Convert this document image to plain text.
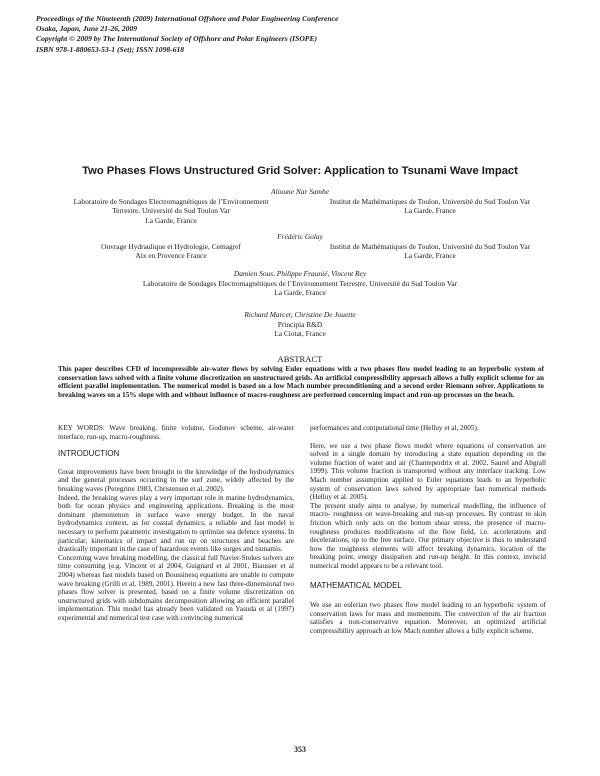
Proceedings of the Nineteenth (2009) International Offshore and Polar Engineering Conference
Osaka, Japan, June 21-26, 2009
Copyright © 2009 by The International Society of Offshore and Polar Engineers (ISOPE)
ISBN 978-1-880653-53-1 (Set); ISSN 1098-618
Two Phases Flows Unstructured Grid Solver: Application to Tsunami Wave Impact
Alioune Nar Sambe
Laboratoire de Sondages Electromagnétiques de l’Environnement
Terrestre, Université du Sud Toulon Var
La Garde, France
Institut de Mathématiques de Toulon, Université du Sud Toulon Var
La Garde, France
Frédéric Golay
Ouvrage Hydraulique et Hydrologie, Cemagref
Aix en Provence France
Institut de Mathématiques de Toulon, Université du Sud Toulon Var
La Garde, France
Damien Sous, Philippe Fraunié, Vincent Rey
Laboratoire de Sondages Electromagnétiques de l’Environnement Terrestre, Université du Sud Toulon Var
La Garde, France
Richard Marcer, Christine De Jouette
Principia R&D
La Ciotat, France
ABSTRACT
This paper describes CFD of incompressible air-water flows by solving Euler equations with a two phases flow model leading to an hyperbolic system of conservation laws solved with a finite volume discretization on unstructured grids. An artificial compressibility approach allows a fully explicit scheme for an efficient parallel implementation. The numerical model is based on a low Mach number preconditioning and a second order Riemann solver. Applications to breaking waves on a 15% slope with and without influence of macro-roughness are performed concerning impact and run-up processes on the beach.

KEY WORDS: Wave breaking, finite volume, Godunov scheme, air-water interface, run-up, macro-roughness.

INTRODUCTION

Great improvements have been brought to the knowledge of the hydrodynamics and the general processes occurring in the surf zone, widely affected by the breaking waves (Peregrine 1983, Christensen et al. 2002).

Indeed, the breaking waves play a very important role in marine hydrodynamics, both for ocean physics and engineering applications. Breaking is the most dominant phenomenon in surface wave energy budget. In the naval hydrodynamics context, as for coastal dynamics, a reliable and fast model is necessary to perform parametric investigation to optimize sea defence systems. In particular, kinematics of impact and run up on structures and beaches are drastically important in the case of hazardous events like surges and tsunamis.

Concerning wave breaking modelling, the classical full Navier-Stokes solvers are time consuming (e.g. Vincent et al 2004, Guignard et al 2001, Biausser et al 2004) whereas fast models based on Boussinesq equations are unable to compute wave breaking (Grilli et al, 1989, 2001). Herein a new fast three-dimensional two phases flow solver is presented, based on a finite volume discretization on unstructured grids with subdomains decomposition allowing an efficient parallel implementation. This model has already been validated on Yasuda et al (1997) experimental and numerical test case with convincing numerical

performances and computational time (Helluy et al, 2005).

Here, we use a two phase flows model where equations of conservation are solved in a single domain by introducing a state equation depending on the volume fraction of water and air (Chanteperdrix et al. 2002, Saurel and Abgrall 1999). This volume fraction is transported without any interface tracking. Low Mach number assumption applied to Euler equations leads to an hyperbolic system of conservation laws solved by appropriate fast numerical methods (Helluy et al. 2005).

The present study aims to analyse, by numerical modelling, the influence of macro- roughness on wave-breaking and run-up processes. By contrast to skin friction which only acts on the bottom shear stress, the presence of macro- roughness produces modifications of the flow field, i.e. accelerations and decelerations, up to the free surface. Our primary objective is thus to understand how the roughness elements will affect breaking dynamics, location of the breaking point, energy dissipation and run-up height. In this context, inviscid numerical model appears to be a relevant tool.

MATHEMATICAL MODEL

We use an eulerian two phases flow model leading to an hyperbolic system of conservation laws for mass and momentum. The convection of the air fraction satisfies a non-conservative equation. Moreover, an optimized artificial compressibility approach at low Mach number allows a fully explicit scheme.

353
